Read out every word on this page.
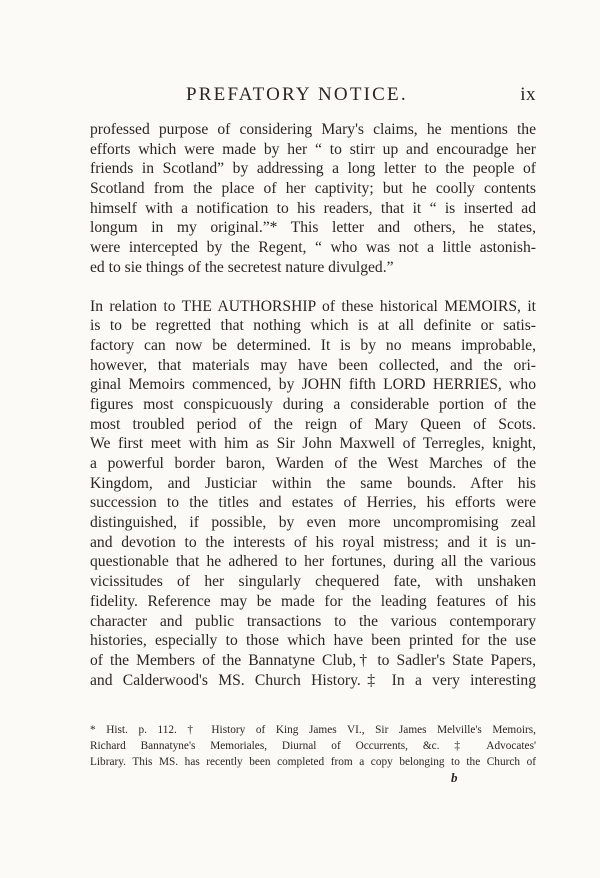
PREFATORY NOTICE.	ix
professed purpose of considering Mary's claims, he mentions the
efforts which were made by her “ to stirr up and encouradge her
friends in Scotland” by addressing a long letter to the people of
Scotland from the place of her captivity; but he coolly contents
himself with a notification to his readers, that it “ is inserted ad
longum in my original.”* This letter and others, he states,
were intercepted by the Regent, “ who was not a little astonish-
ed to sie things of the secretest nature divulged.”
In relation to THE AUTHORSHIP of these historical MEMOIRS, it
is to be regretted that nothing which is at all definite or satis-
factory can now be determined. It is by no means improbable,
however, that materials may have been collected, and the ori-
ginal Memoirs commenced, by JOHN fifth LORD HERRIES, who
figures most conspicuously during a considerable portion of the
most troubled period of the reign of Mary Queen of Scots.
We first meet with him as Sir John Maxwell of Terregles, knight,
a powerful border baron, Warden of the West Marches of the
Kingdom, and Justiciar within the same bounds. After his
succession to the titles and estates of Herries, his efforts were
distinguished, if possible, by even more uncompromising zeal
and devotion to the interests of his royal mistress; and it is un-
questionable that he adhered to her fortunes, during all the various
vicissitudes of her singularly chequered fate, with unshaken
fidelity. Reference may be made for the leading features of his
character and public transactions to the various contemporary
histories, especially to those which have been printed for the use
of the Members of the Bannatyne Club,† to Sadler's State Papers,
and Calderwood's MS. Church History.‡ In a very interesting
* Hist. p. 112. † History of King James VI., Sir James Melville's Memoirs,
Richard Bannatyne's Memoriales, Diurnal of Occurrents, &c. ‡ Advocates'
Library. This MS. has recently been completed from a copy belonging to the Church of
b
